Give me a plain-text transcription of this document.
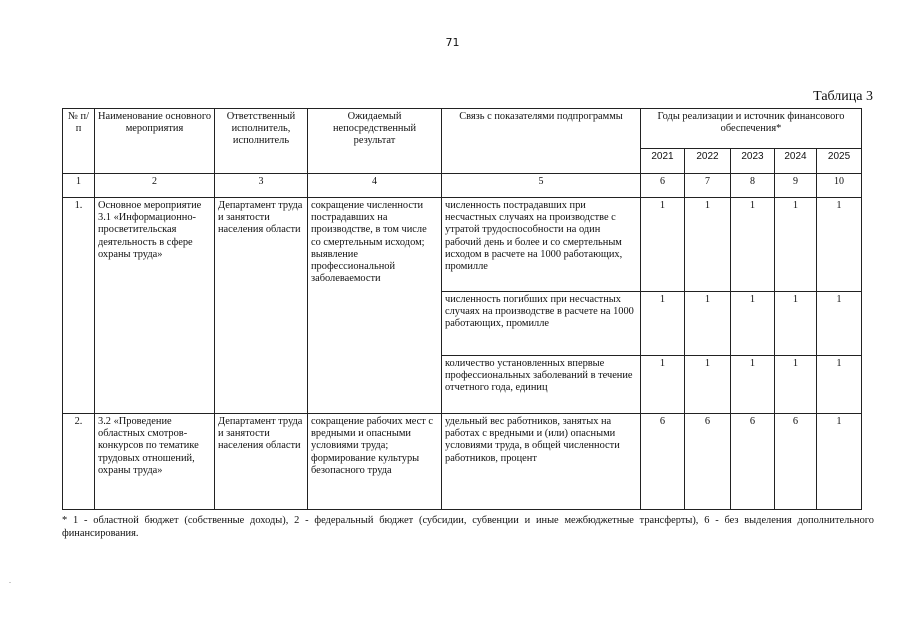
71
Таблица 3
№ п/п	Наименование основного мероприятия	Ответственный исполнитель, исполнитель	Ожидаемый непосредственный результат	Связь с показателями подпрограммы	Годы реализации и источник финансового обеспечения*				
					2021	2022	2023	2024	2025
1	2	3	4	5	6	7	8	9	10
1.	Основное мероприятие 3.1 «Информационно-просветительская деятельность в сфере охраны труда»	Департамент труда и занятости населения области	сокращение численности пострадавших на производстве, в том числе со смертельным исходом; выявление профессиональной заболеваемости	численность пострадавших при несчастных случаях на производстве с утратой трудоспособности на один рабочий день и более и со смертельным исходом в расчете на 1000 работающих, промилле	1	1	1	1	1
				численность погибших при несчастных случаях на производстве в расчете на 1000 работающих, промилле	1	1	1	1	1
				количество установленных впервые профессиональных заболеваний в течение отчетного года, единиц	1	1	1	1	1
2.	3.2 «Проведение областных смотров-конкурсов по тематике трудовых отношений, охраны труда»	Департамент труда и занятости населения области	сокращение рабочих мест с вредными и опасными условиями труда; формирование культуры безопасного труда	удельный вес работников, занятых на работах с вредными и (или) опасными условиями труда, в общей численности работников, процент	6	6	6	6	1
* 1 - областной бюджет (собственные доходы), 2 - федеральный бюджет (субсидии, субвенции и иные межбюджетные трансферты), 6 - без выделения дополнительного финансирования.
.
